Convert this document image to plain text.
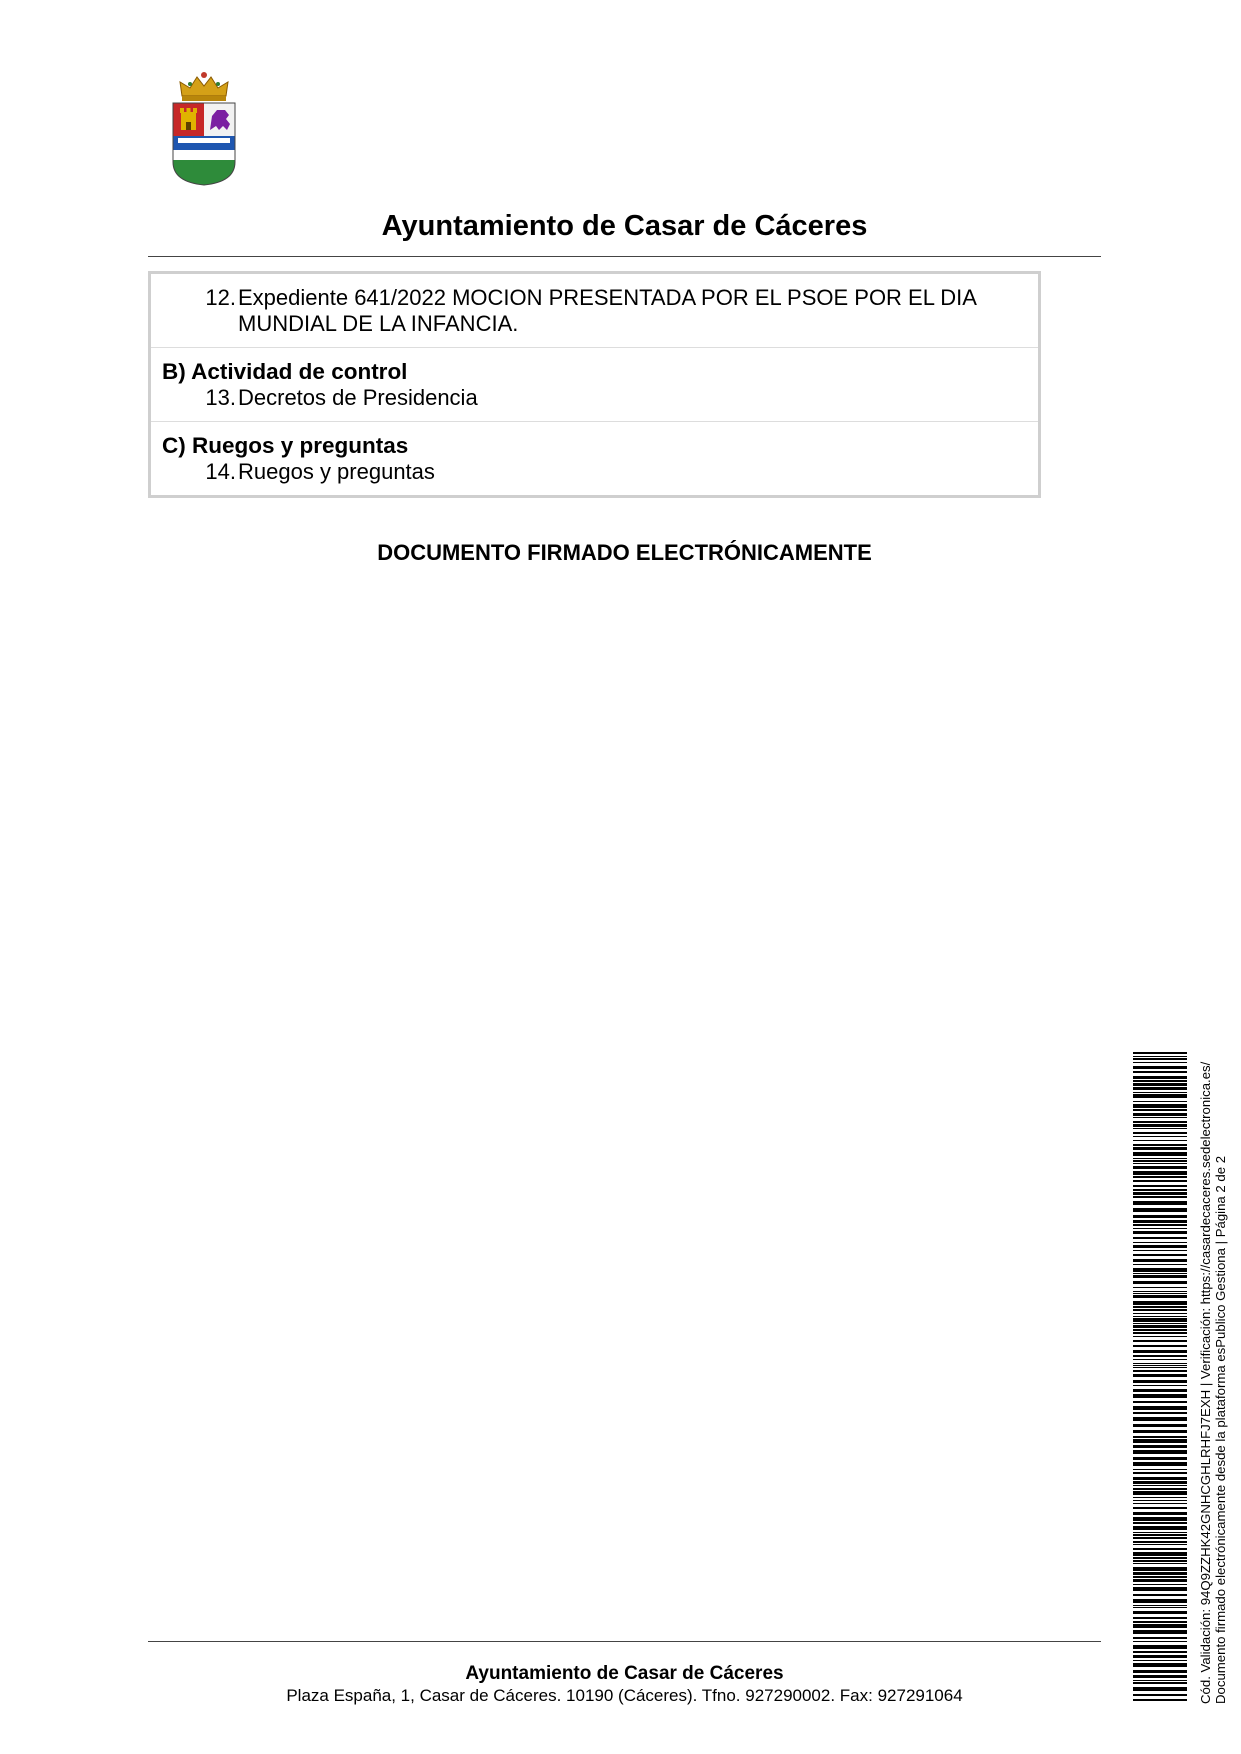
Ayuntamiento de Casar de Cáceres
12. Expediente 641/2022 MOCION PRESENTADA POR EL PSOE POR EL DIA MUNDIAL DE LA INFANCIA.
B) Actividad de control
13. Decretos de Presidencia
C) Ruegos y preguntas
14. Ruegos y preguntas
DOCUMENTO FIRMADO ELECTRÓNICAMENTE
Cód. Validación: 94Q9ZZHK42GNHCGHLRHFJ7EXH | Verificación: https://casardecaceres.sedelectronica.es/ Documento firmado electrónicamente desde la plataforma esPublico Gestiona | Página 2 de 2
Ayuntamiento de Casar de Cáceres
Plaza España, 1, Casar de Cáceres. 10190 (Cáceres). Tfno. 927290002. Fax: 927291064
